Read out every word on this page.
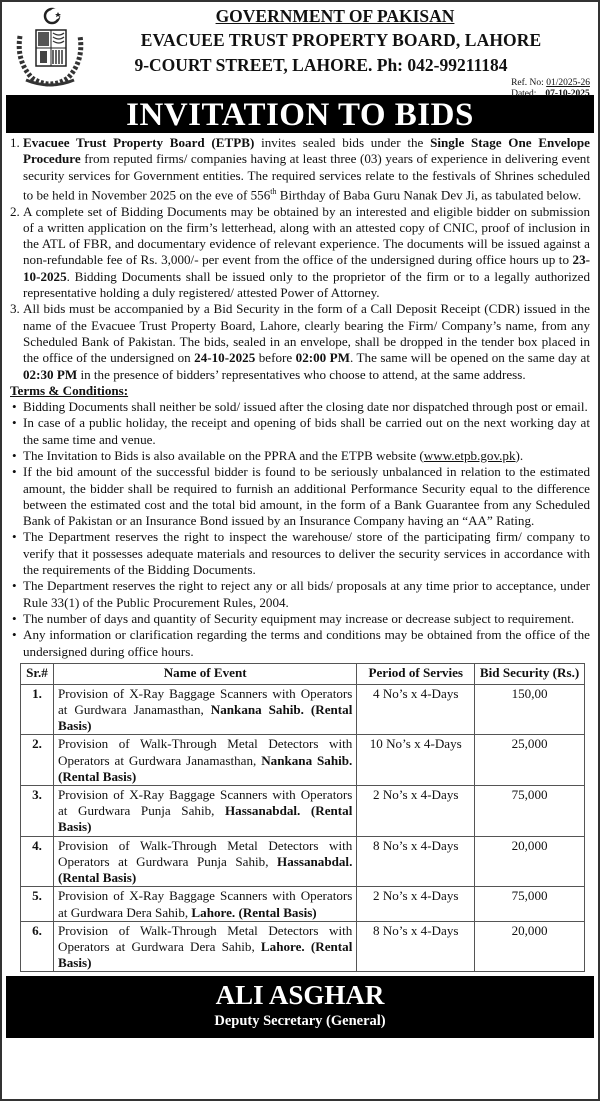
GOVERNMENT OF PAKISAN
EVACUEE TRUST PROPERTY BOARD, LAHORE
9-COURT STREET, LAHORE. Ph: 042-99211184
Ref. No: 01/2025-26
Dated: 07-10-2025
INVITATION TO BIDS
1. Evacuee Trust Property Board (ETPB) invites sealed bids under the Single Stage One Envelope Procedure from reputed firms/ companies having at least three (03) years of experience in delivering event security services for Government entities. The required services relate to the festivals of Shrines scheduled to be held in November 2025 on the eve of 556th Birthday of Baba Guru Nanak Dev Ji, as tabulated below.
2. A complete set of Bidding Documents may be obtained by an interested and eligible bidder on submission of a written application on the firm’s letterhead, along with an attested copy of CNIC, proof of inclusion in the ATL of FBR, and documentary evidence of relevant experience. The documents will be issued against a non-refundable fee of Rs. 3,000/- per event from the office of the undersigned during office hours up to 23-10-2025. Bidding Documents shall be issued only to the proprietor of the firm or to a legally authorized representative holding a duly registered/ attested Power of Attorney.
3. All bids must be accompanied by a Bid Security in the form of a Call Deposit Receipt (CDR) issued in the name of the Evacuee Trust Property Board, Lahore, clearly bearing the Firm/ Company’s name, from any Scheduled Bank of Pakistan. The bids, sealed in an envelope, shall be dropped in the tender box placed in the office of the undersigned on 24-10-2025 before 02:00 PM. The same will be opened on the same day at 02:30 PM in the presence of bidders’ representatives who choose to attend, at the same address.
Terms & Conditions:
• Bidding Documents shall neither be sold/ issued after the closing date nor dispatched through post or email.
• In case of a public holiday, the receipt and opening of bids shall be carried out on the next working day at the same time and venue.
• The Invitation to Bids is also available on the PPRA and the ETPB website (www.etpb.gov.pk).
• If the bid amount of the successful bidder is found to be seriously unbalanced in relation to the estimated amount, the bidder shall be required to furnish an additional Performance Security equal to the difference between the estimated cost and the total bid amount, in the form of a Bank Guarantee from any Scheduled Bank of Pakistan or an Insurance Bond issued by an Insurance Company having an “AA” Rating.
• The Department reserves the right to inspect the warehouse/ store of the participating firm/ company to verify that it possesses adequate materials and resources to deliver the security services in accordance with the requirements of the Bidding Documents.
• The Department reserves the right to reject any or all bids/ proposals at any time prior to acceptance, under Rule 33(1) of the Public Procurement Rules, 2004.
• The number of days and quantity of Security equipment may increase or decrease subject to requirement.
• Any information or clarification regarding the terms and conditions may be obtained from the office of the undersigned during office hours.
Sr.#	Name of Event	Period of Servies	Bid Security (Rs.)
1.	Provision of X-Ray Baggage Scanners with Operators at Gurdwara Janamasthan, Nankana Sahib. (Rental Basis)	4 No’s x 4-Days	150,00
2.	Provision of Walk-Through Metal Detectors with Operators at Gurdwara Janamasthan, Nankana Sahib. (Rental Basis)	10 No’s x 4-Days	25,000
3.	Provision of X-Ray Baggage Scanners with Operators at Gurdwara Punja Sahib, Hassanabdal. (Rental Basis)	2 No’s x 4-Days	75,000
4.	Provision of Walk-Through Metal Detectors with Operators at Gurdwara Punja Sahib, Hassanabdal. (Rental Basis)	8 No’s x 4-Days	20,000
5.	Provision of X-Ray Baggage Scanners with Operators at Gurdwara Dera Sahib, Lahore. (Rental Basis)	2 No’s x 4-Days	75,000
6.	Provision of Walk-Through Metal Detectors with Operators at Gurdwara Dera Sahib, Lahore. (Rental Basis)	8 No’s x 4-Days	20,000
ALI ASGHAR
Deputy Secretary (General)
